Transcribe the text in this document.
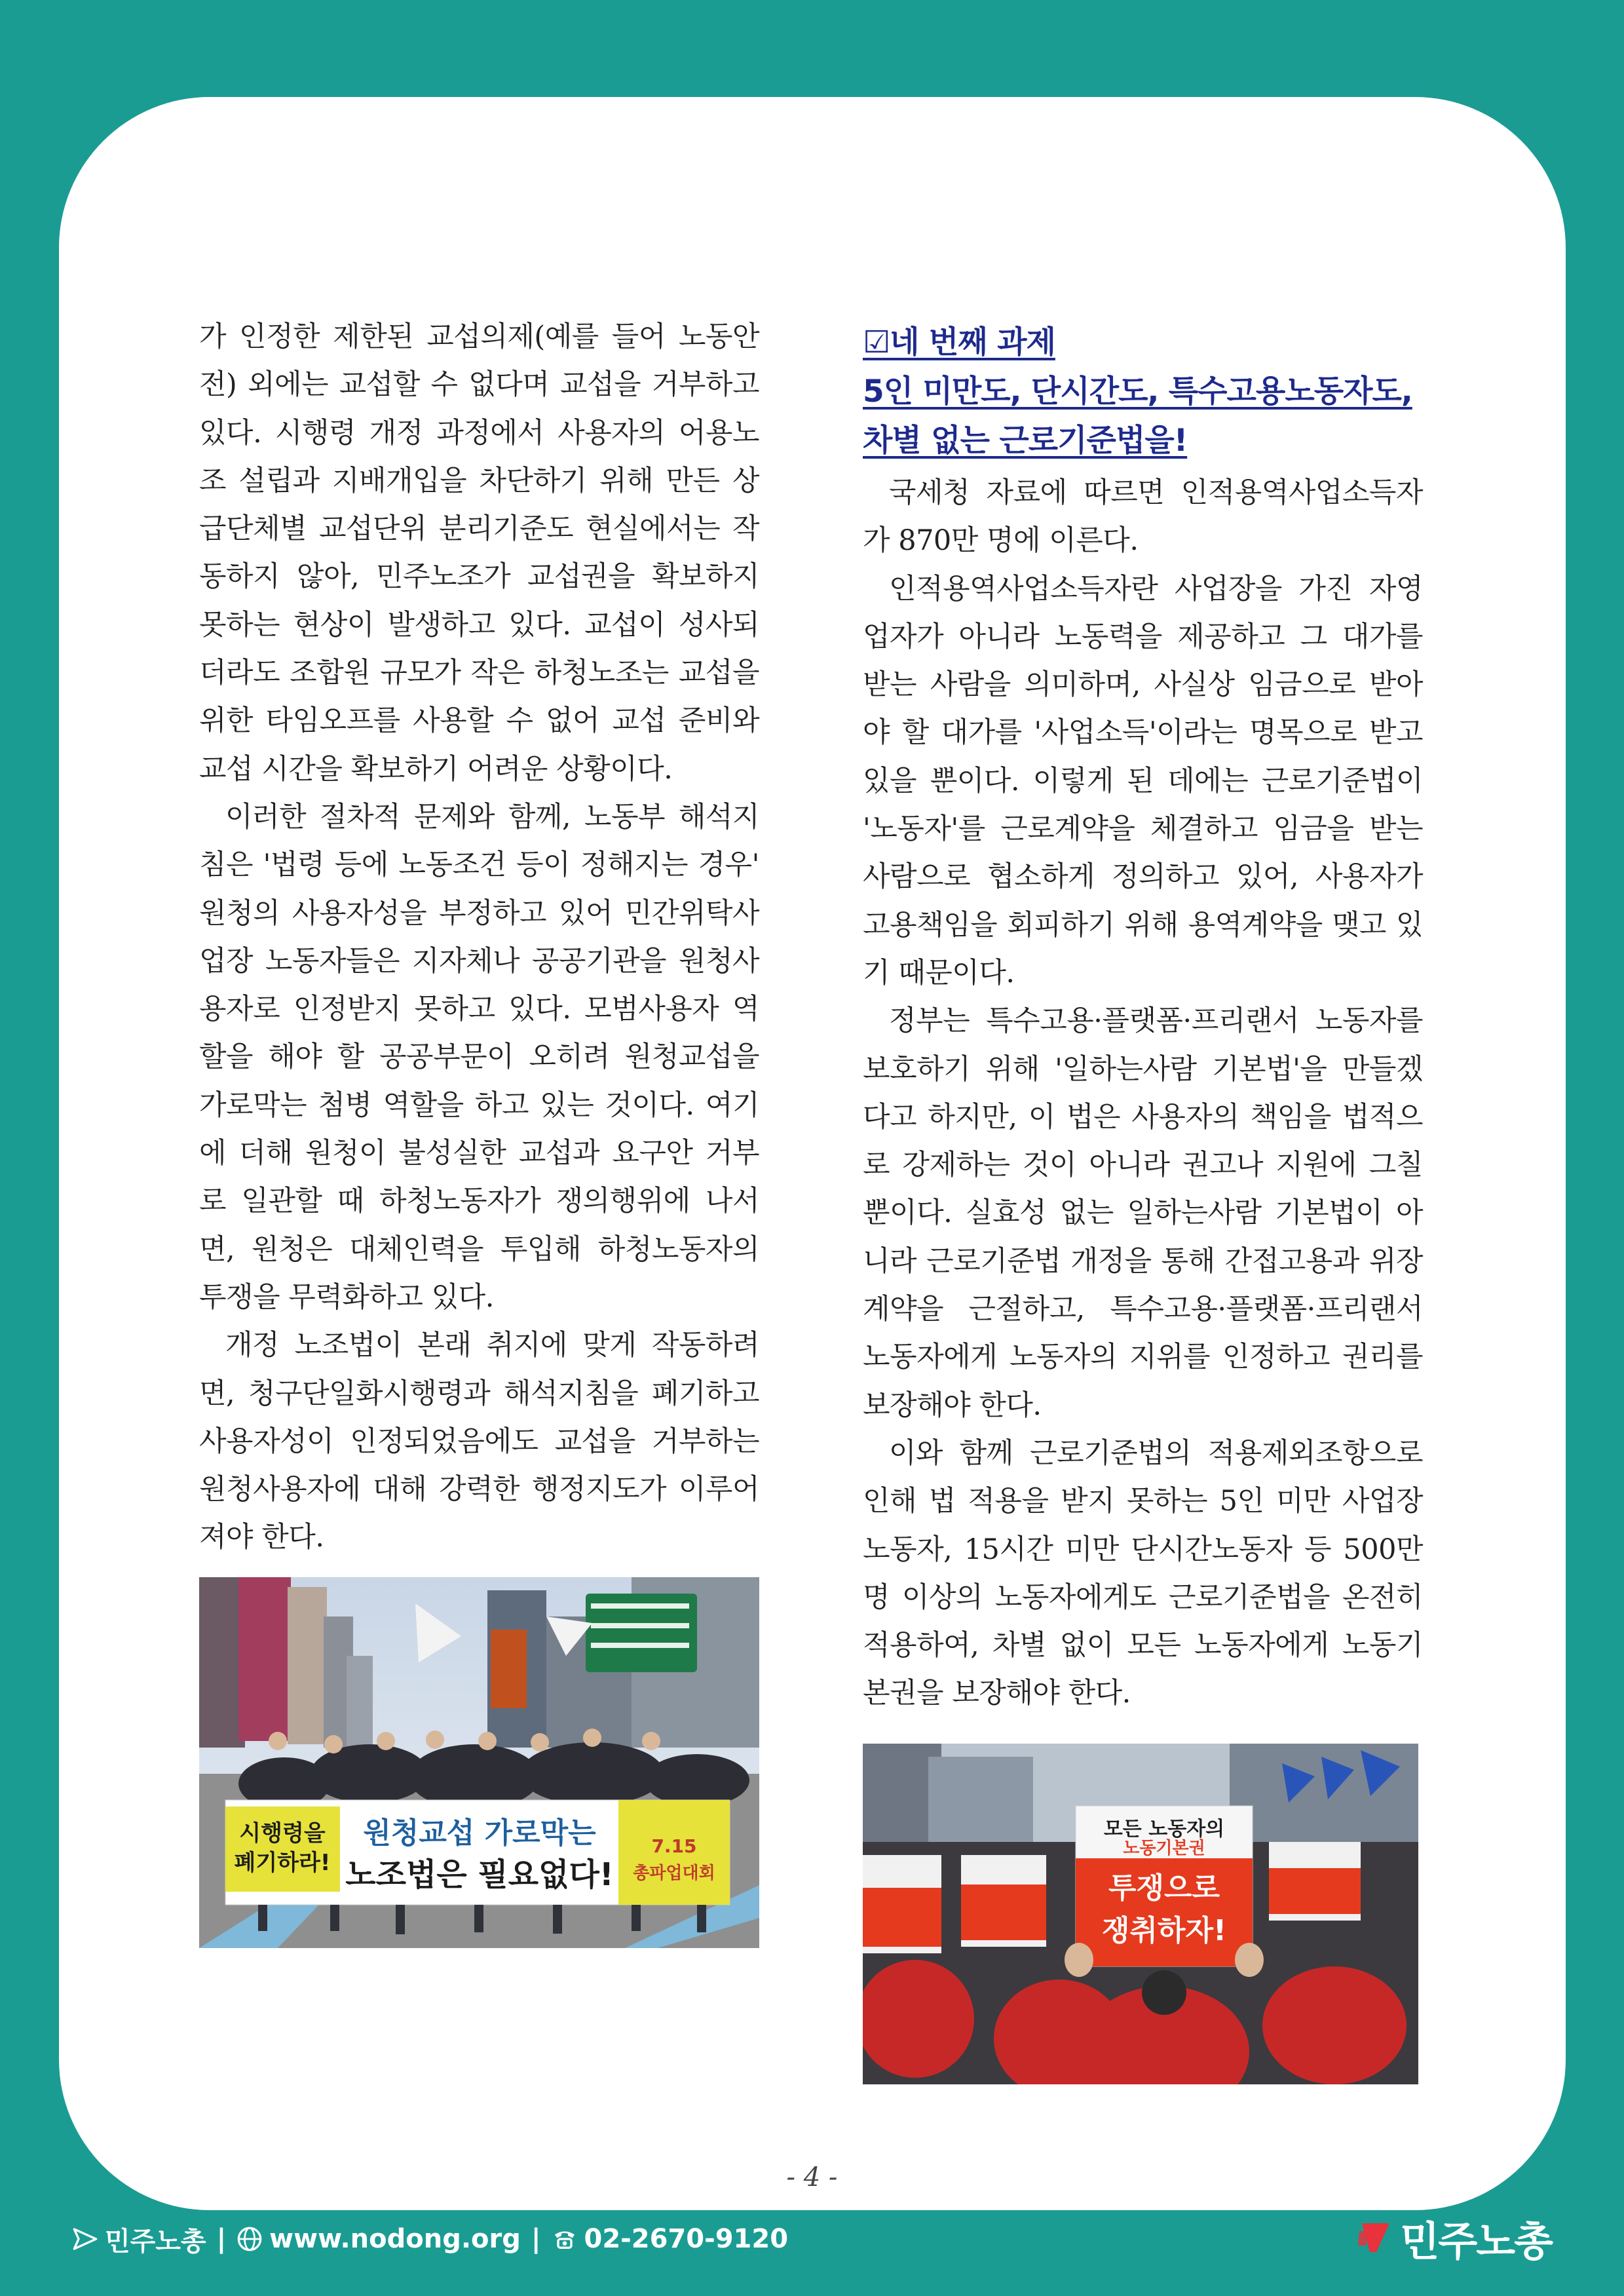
가 인정한 제한된 교섭의제(예를 들어 노동안전) 외에는 교섭할 수 없다며 교섭을 거부하고 있다. 시행령 개정 과정에서 사용자의 어용노조 설립과 지배개입을 차단하기 위해 만든 상급단체별 교섭단위 분리기준도 현실에서는 작동하지 않아, 민주노조가 교섭권을 확보하지 못하는 현상이 발생하고 있다. 교섭이 성사되더라도 조합원 규모가 작은 하청노조는 교섭을 위한 타임오프를 사용할 수 없어 교섭 준비와 교섭 시간을 확보하기 어려운 상황이다.

이러한 절차적 문제와 함께, 노동부 해석지침은 '법령 등에 노동조건 등이 정해지는 경우' 원청의 사용자성을 부정하고 있어 민간위탁사업장 노동자들은 지자체나 공공기관을 원청사용자로 인정받지 못하고 있다. 모범사용자 역할을 해야 할 공공부문이 오히려 원청교섭을 가로막는 첨병 역할을 하고 있는 것이다. 여기에 더해 원청이 불성실한 교섭과 요구안 거부로 일관할 때 하청노동자가 쟁의행위에 나서면, 원청은 대체인력을 투입해 하청노동자의 투쟁을 무력화하고 있다.

개정 노조법이 본래 취지에 맞게 작동하려면, 청구단일화시행령과 해석지침을 폐기하고 사용자성이 인정되었음에도 교섭을 거부하는 원청사용자에 대해 강력한 행정지도가 이루어져야 한다.

시행령을
폐기하라!
원청교섭 가로막는
노조법은 필요없다!
7.15
총파업대회

☑네 번째 과제
5인 미만도, 단시간도, 특수고용노동자도,
차별 없는 근로기준법을!

국세청 자료에 따르면 인적용역사업소득자가 870만 명에 이른다.

인적용역사업소득자란 사업장을 가진 자영업자가 아니라 노동력을 제공하고 그 대가를 받는 사람을 의미하며, 사실상 임금으로 받아야 할 대가를 '사업소득'이라는 명목으로 받고 있을 뿐이다. 이렇게 된 데에는 근로기준법이 '노동자'를 근로계약을 체결하고 임금을 받는 사람으로 협소하게 정의하고 있어, 사용자가 고용책임을 회피하기 위해 용역계약을 맺고 있기 때문이다.

정부는 특수고용·플랫폼·프리랜서 노동자를 보호하기 위해 '일하는사람 기본법'을 만들겠다고 하지만, 이 법은 사용자의 책임을 법적으로 강제하는 것이 아니라 권고나 지원에 그칠 뿐이다. 실효성 없는 일하는사람 기본법이 아니라 근로기준법 개정을 통해 간접고용과 위장계약을 근절하고, 특수고용·플랫폼·프리랜서 노동자에게 노동자의 지위를 인정하고 권리를 보장해야 한다.

이와 함께 근로기준법의 적용제외조항으로 인해 법 적용을 받지 못하는 5인 미만 사업장 노동자, 15시간 미만 단시간노동자 등 500만 명 이상의 노동자에게도 근로기준법을 온전히 적용하여, 차별 없이 모든 노동자에게 노동기본권을 보장해야 한다.

모든 노동자의
노동기본권
투쟁으로
쟁취하자!
- 4 -
민주노총 | www.nodong.org | 02-2670-9120	민주노총
